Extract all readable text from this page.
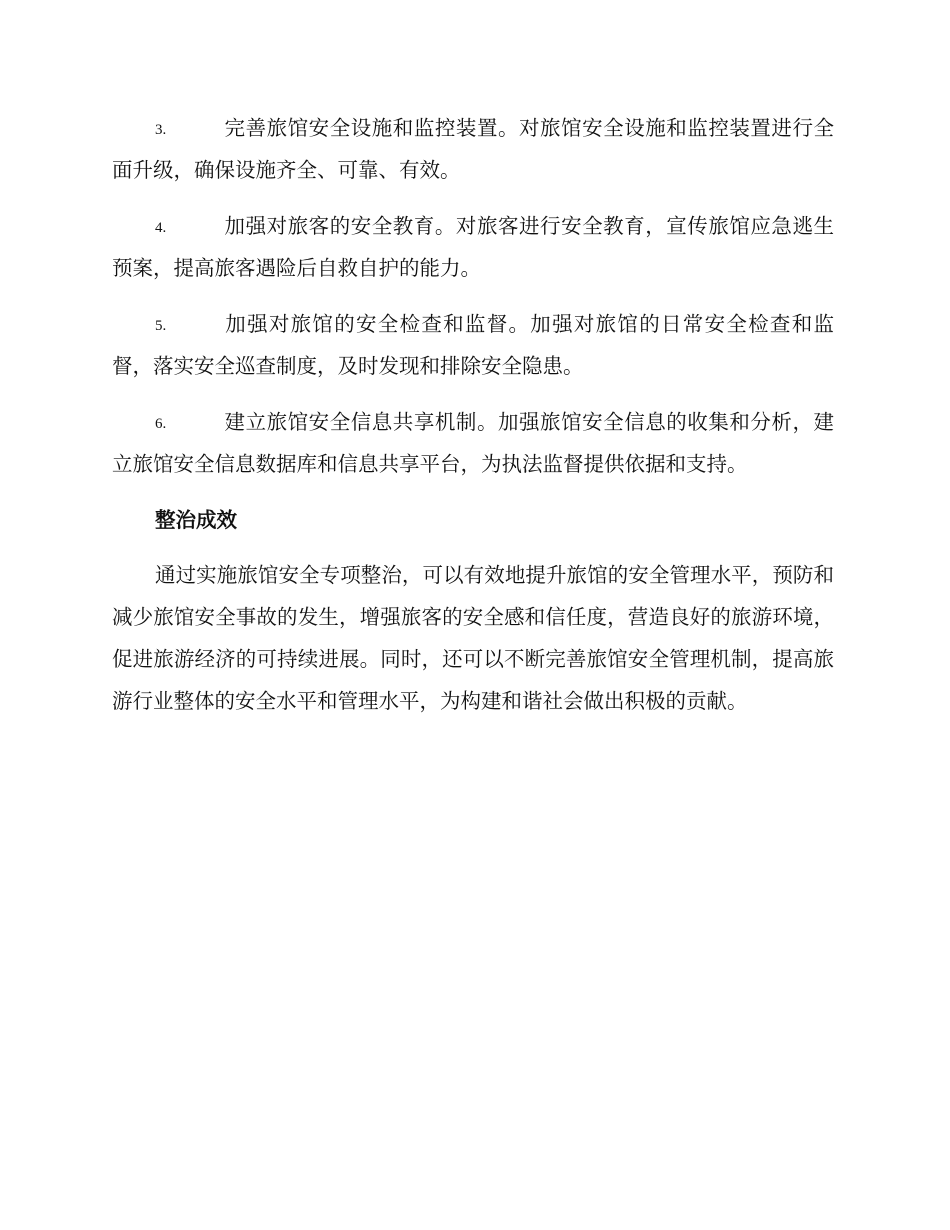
3.	完善旅馆安全设施和监控装置。对旅馆安全设施和监控装置进行全面升级，确保设施齐全、可靠、有效。

4.	加强对旅客的安全教育。对旅客进行安全教育，宣传旅馆应急逃生预案，提高旅客遇险后自救自护的能力。

5.	加强对旅馆的安全检查和监督。加强对旅馆的日常安全检查和监督，落实安全巡查制度，及时发现和排除安全隐患。

6.	建立旅馆安全信息共享机制。加强旅馆安全信息的收集和分析，建立旅馆安全信息数据库和信息共享平台，为执法监督提供依据和支持。

整治成效

通过实施旅馆安全专项整治，可以有效地提升旅馆的安全管理水平，预防和减少旅馆安全事故的发生，增强旅客的安全感和信任度，营造良好的旅游环境，促进旅游经济的可持续进展。同时，还可以不断完善旅馆安全管理机制，提高旅游行业整体的安全水平和管理水平，为构建和谐社会做出积极的贡献。
